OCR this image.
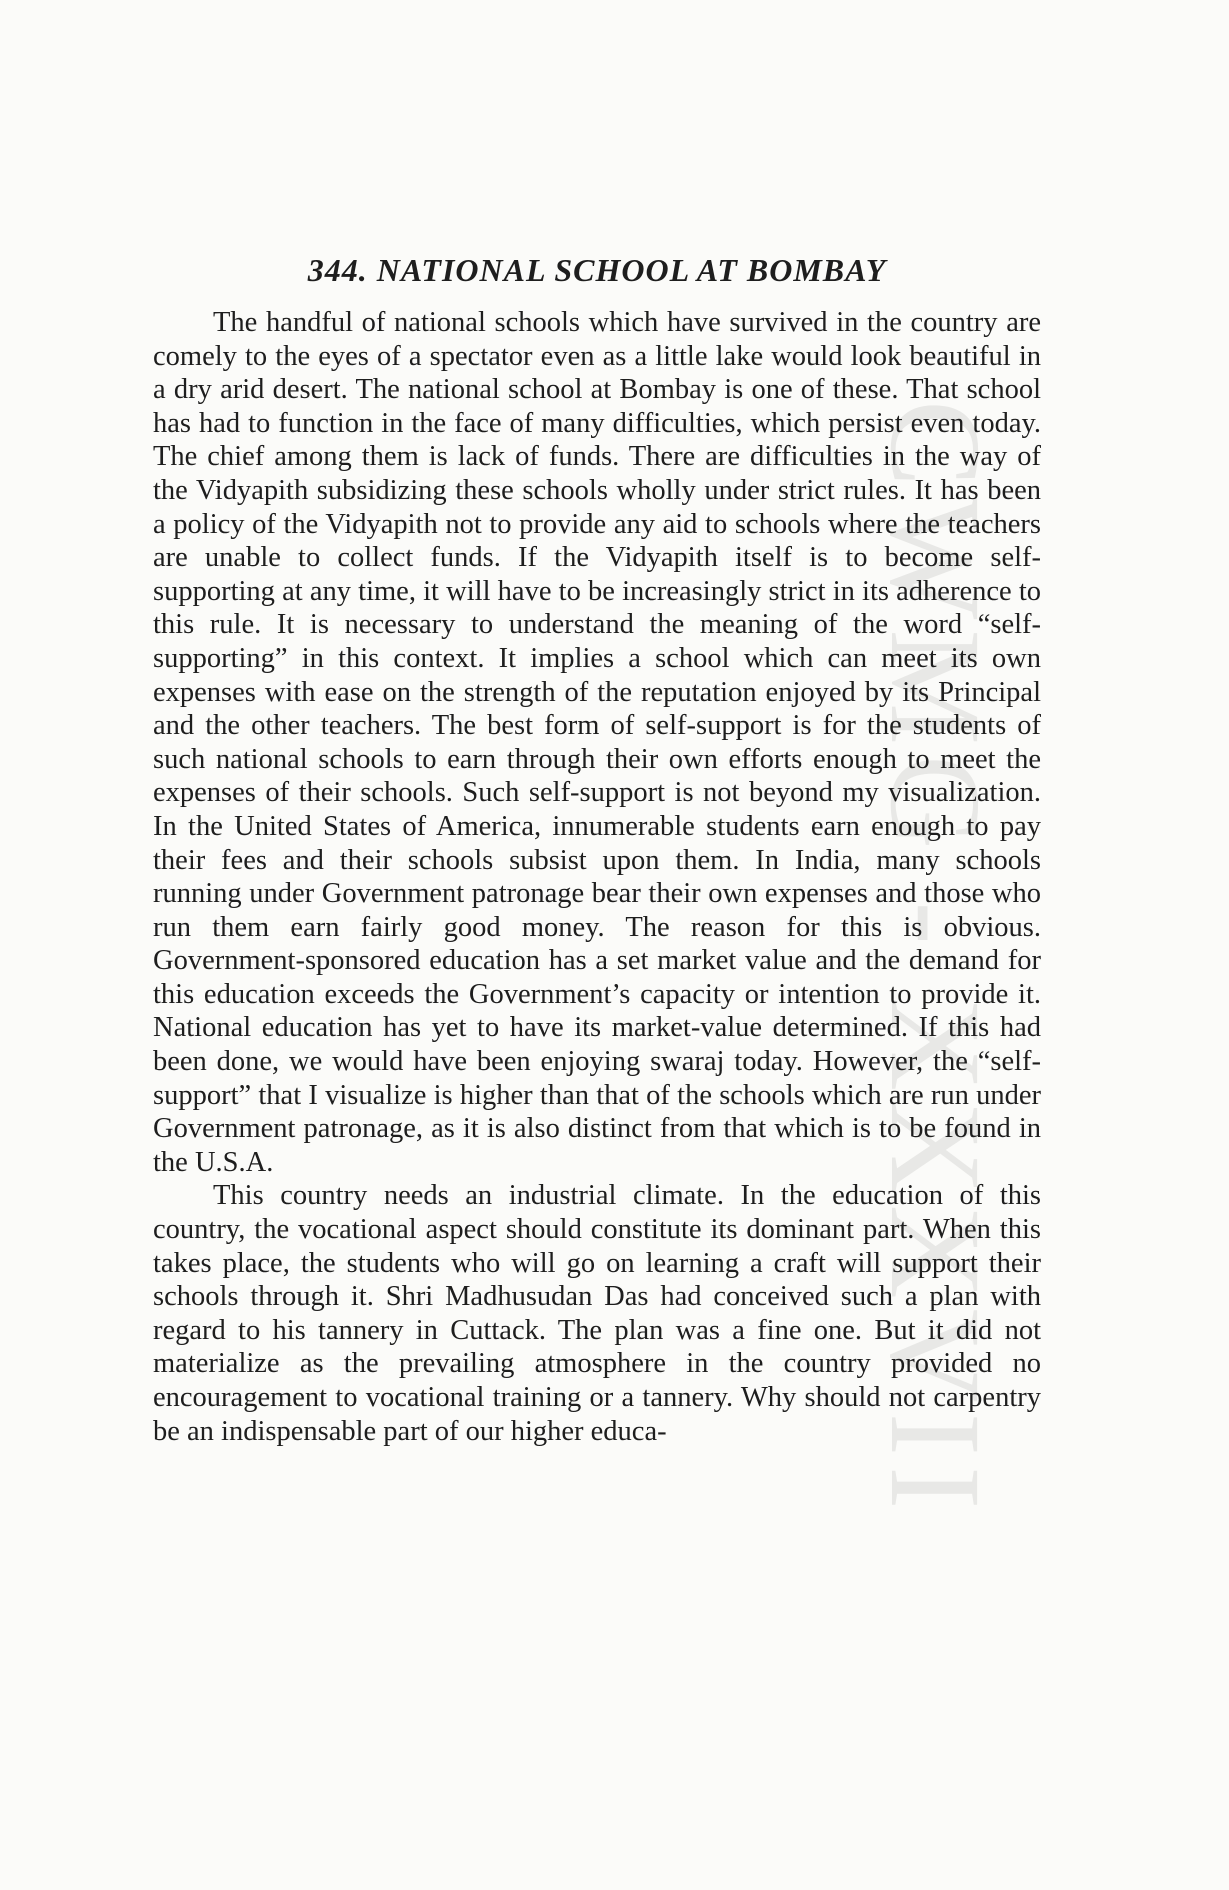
CWMG - XXXVII
344. NATIONAL SCHOOL AT BOMBAY

The handful of national schools which have survived in the country are comely to the eyes of a spectator even as a little lake would look beautiful in a dry arid desert. The national school at Bombay is one of these. That school has had to function in the face of many difficulties, which persist even today. The chief among them is lack of funds. There are difficulties in the way of the Vidyapith subsidizing these schools wholly under strict rules. It has been a policy of the Vidyapith not to provide any aid to schools where the teachers are unable to collect funds. If the Vidyapith itself is to become self-supporting at any time, it will have to be increasingly strict in its adherence to this rule. It is necessary to understand the meaning of the word “self-supporting” in this context. It implies a school which can meet its own expenses with ease on the strength of the reputation enjoyed by its Principal and the other teachers. The best form of self-support is for the students of such national schools to earn through their own efforts enough to meet the expenses of their schools. Such self-support is not beyond my visualization. In the United States of America, innumerable students earn enough to pay their fees and their schools subsist upon them. In India, many schools running under Government patronage bear their own expenses and those who run them earn fairly good money. The reason for this is obvious. Government-sponsored education has a set market value and the demand for this education exceeds the Government’s capacity or intention to provide it. National education has yet to have its market-value determined. If this had been done, we would have been enjoying swaraj today. However, the “self-support” that I visualize is higher than that of the schools which are run under Government patronage, as it is also distinct from that which is to be found in the U.S.A.

This country needs an industrial climate. In the education of this country, the vocational aspect should constitute its dominant part. When this takes place, the students who will go on learning a craft will support their schools through it. Shri Madhusudan Das had conceived such a plan with regard to his tannery in Cuttack. The plan was a fine one. But it did not materialize as the prevailing atmosphere in the country provided no encouragement to vocational training or a tannery. Why should not carpentry be an indispensable part of our higher educa-
